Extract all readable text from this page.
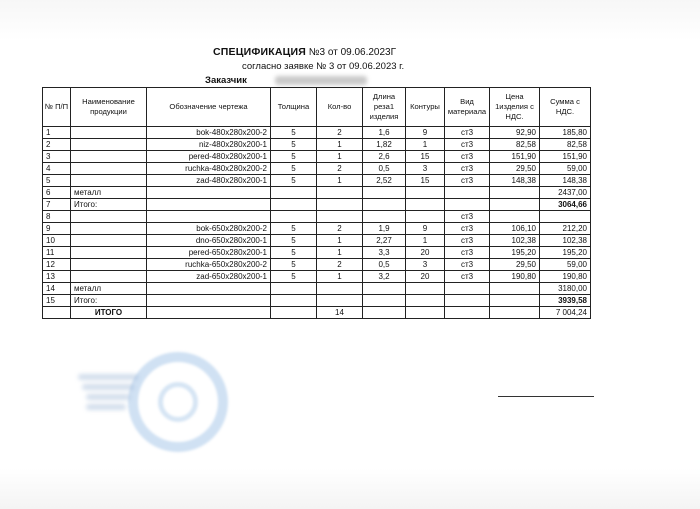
СПЕЦИФИКАЦИЯ №3 от 09.06.2023Г
согласно заявке № 3 от 09.06.2023 г.
Заказчик
№ П/П	Наименование продукции	Обозначение чертежа	Толщина	Кол-во	Длина реза1 изделия	Контуры	Вид материала	Цена 1изделия с НДС.	Сумма с НДС.
1		bok-480x280x200-2	5	2	1,6	9	ст3	92,90	185,80
2		niz-480x280x200-1	5	1	1,82	1	ст3	82,58	82,58
3		pered-480x280x200-1	5	1	2,6	15	ст3	151,90	151,90
4		ruchka-480x280x200-2	5	2	0,5	3	ст3	29,50	59,00
5		zad-480x280x200-1	5	1	2,52	15	ст3	148,38	148,38
6	металл								2437,00
7	Итого:								3064,66
8							ст3		
9		bok-650x280x200-2	5	2	1,9	9	ст3	106,10	212,20
10		dno-650x280x200-1	5	1	2,27	1	ст3	102,38	102,38
11		pered-650x280x200-1	5	1	3,3	20	ст3	195,20	195,20
12		ruchka-650x280x200-2	5	2	0,5	3	ст3	29,50	59,00
13		zad-650x280x200-1	5	1	3,2	20	ст3	190,80	190,80
14	металл								3180,00
15	Итого:								3939,58
	ИТОГО			14					7 004,24
